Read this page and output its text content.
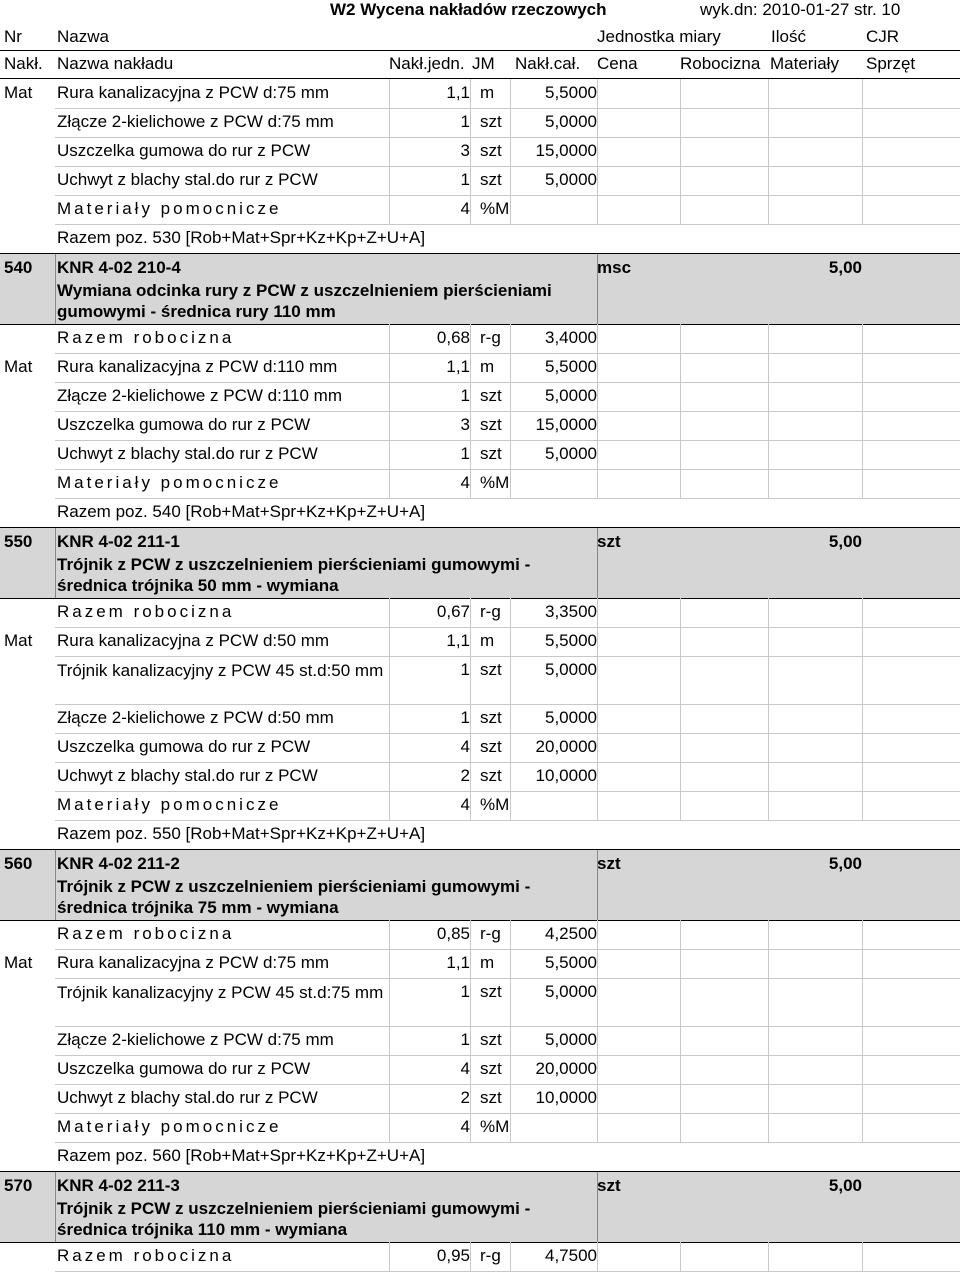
W2 Wycena nakładów rzeczowych	wyk.dn: 2010-01-27 str. 10
Nr Nazwa	Jednostka miary	Ilość	CJR
Nakł. Nazwa nakładu	Nakł.jedn. JM Nakł.cał. Cena Robocizna Materiały Sprzęt
Mat Rura kanalizacyjna z PCW d:75 mm	1,1 m	5,5000
Złącze 2-kielichowe z PCW d:75 mm	1 szt	5,0000
Uszczelka gumowa do rur z PCW	3 szt 15,0000
Uchwyt z blachy stal.do rur z PCW	1 szt	5,0000
Materiały pomocnicze	4 %M
Razem poz. 530 [Rob+Mat+Spr+Kz+Kp+Z+U+A]
540 KNR 4-02 210-4	msc	5,00
Wymiana odcinka rury z PCW z uszczelnieniem pierścieniami gumowymi - średnica rury 110 mm
Razem robocizna	0,68 r-g	3,4000
Mat Rura kanalizacyjna z PCW d:110 mm	1,1 m	5,5000
Złącze 2-kielichowe z PCW d:110 mm	1 szt	5,0000
Uszczelka gumowa do rur z PCW	3 szt 15,0000
Uchwyt z blachy stal.do rur z PCW	1 szt	5,0000
Materiały pomocnicze	4 %M
Razem poz. 540 [Rob+Mat+Spr+Kz+Kp+Z+U+A]
550 KNR 4-02 211-1	szt	5,00
Trójnik z PCW z uszczelnieniem pierścieniami gumowymi - średnica trójnika 50 mm - wymiana
Razem robocizna	0,67 r-g	3,3500
Mat Rura kanalizacyjna z PCW d:50 mm	1,1 m	5,5000
Trójnik kanalizacyjny z PCW 45 st.d:50 mm	1 szt	5,0000
Złącze 2-kielichowe z PCW d:50 mm	1 szt	5,0000
Uszczelka gumowa do rur z PCW	4 szt 20,0000
Uchwyt z blachy stal.do rur z PCW	2 szt 10,0000
Materiały pomocnicze	4 %M
Razem poz. 550 [Rob+Mat+Spr+Kz+Kp+Z+U+A]
560 KNR 4-02 211-2	szt	5,00
Trójnik z PCW z uszczelnieniem pierścieniami gumowymi - średnica trójnika 75 mm - wymiana
Razem robocizna	0,85 r-g	4,2500
Mat Rura kanalizacyjna z PCW d:75 mm	1,1 m	5,5000
Trójnik kanalizacyjny z PCW 45 st.d:75 mm	1 szt	5,0000
Złącze 2-kielichowe z PCW d:75 mm	1 szt	5,0000
Uszczelka gumowa do rur z PCW	4 szt 20,0000
Uchwyt z blachy stal.do rur z PCW	2 szt 10,0000
Materiały pomocnicze	4 %M
Razem poz. 560 [Rob+Mat+Spr+Kz+Kp+Z+U+A]
570 KNR 4-02 211-3	szt	5,00
Trójnik z PCW z uszczelnieniem pierścieniami gumowymi - średnica trójnika 110 mm - wymiana
Razem robocizna	0,95 r-g	4,7500
